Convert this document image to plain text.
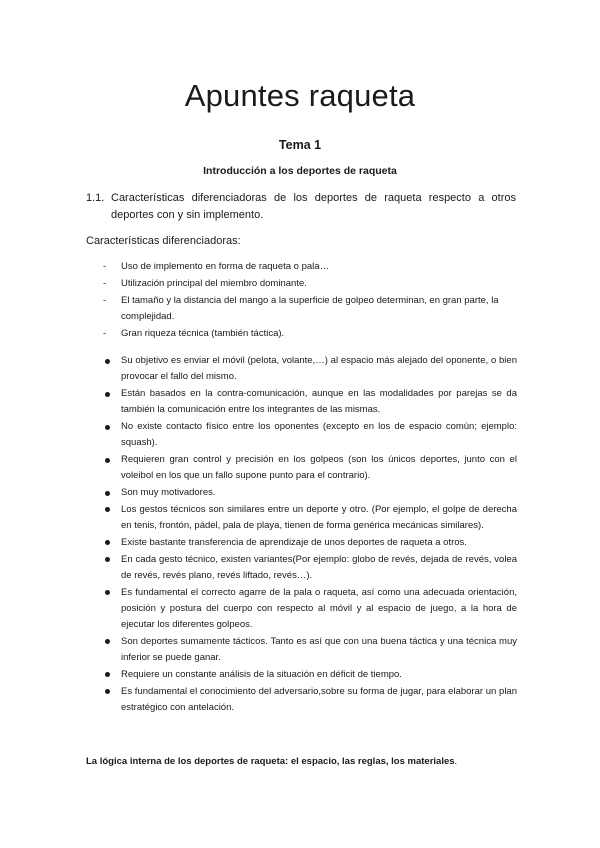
Apuntes raqueta
Tema 1
Introducción a los deportes de raqueta
1.1. Características diferenciadoras de los deportes de raqueta respecto a otros
deportes con y sin implemento.
Características diferenciadoras:
- Uso de implemento en forma de raqueta o pala…
- Utilización principal del miembro dominante.
- El tamaño y la distancia del mango a la superficie de golpeo determinan, en gran parte, la complejidad.
- Gran riqueza técnica (también táctica).
Su objetivo es enviar el móvil (pelota, volante,…) al espacio más alejado del oponente, o bien provocar el fallo del mismo.
Están basados en la contra-comunicación, aunque en las modalidades por parejas se da también la comunicación entre los integrantes de las mismas.
No existe contacto físico entre los oponentes (excepto en los de espacio común; ejemplo: squash).
Requieren gran control y precisión en los golpeos (son los únicos deportes, junto con el voleibol en los que un fallo supone punto para el contrario).
Son muy motivadores.
Los gestos técnicos son similares entre un deporte y otro. (Por ejemplo, el golpe de derecha en tenis, frontón, pádel, pala de playa, tienen de forma genérica mecánicas similares).
Existe bastante transferencia de aprendizaje de unos deportes de raqueta a otros.
En cada gesto técnico, existen variantes(Por ejemplo: globo de revés, dejada de revés, volea de revés, revés plano, revés liftado, revés…).
Es fundamental el correcto agarre de la pala o raqueta, así como una adecuada orientación, posición y postura del cuerpo con respecto al móvil y al espacio de juego, a la hora de ejecutar los diferentes golpeos.
Son deportes sumamente tácticos. Tanto es así que con una buena táctica y una técnica muy inferior se puede ganar.
Requiere un constante análisis de la situación en déficit de tiempo.
Es fundamental el conocimiento del adversario,sobre su forma de jugar, para elaborar un plan estratégico con antelación.
La lógica interna de los deportes de raqueta: el espacio, las reglas, los materiales.
